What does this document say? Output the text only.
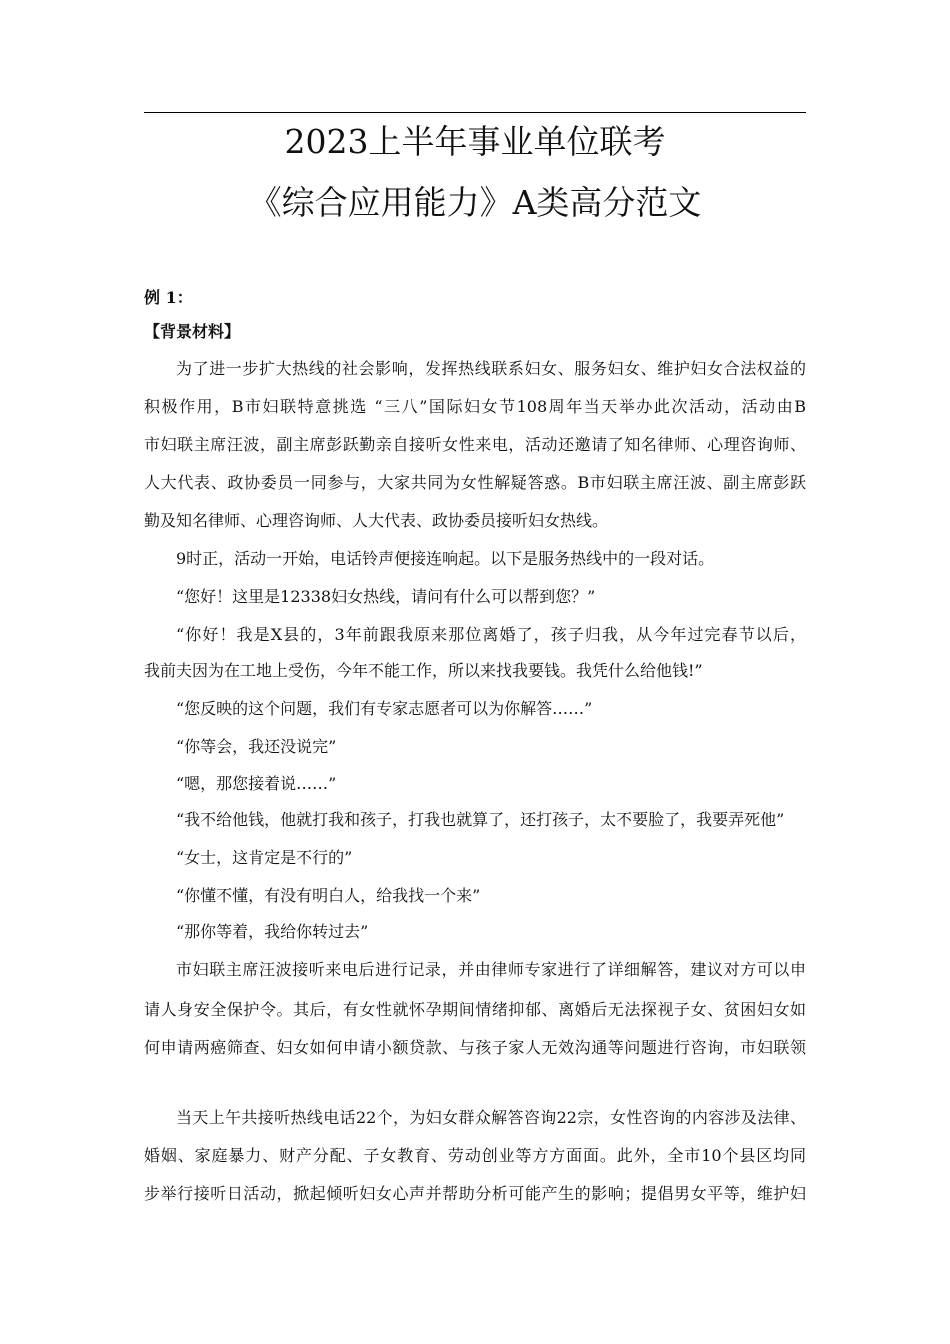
2023上半年事业单位联考
《综合应用能力》A类高分范文
例 1：
【背景材料】
为了进一步扩大热线的社会影响，发挥热线联系妇女、服务妇女、维护妇女合法权益的
积极作用，B市妇联特意挑选 “三八”国际妇女节108周年当天举办此次活动，活动由B
市妇联主席汪波，副主席彭跃勤亲自接听女性来电，活动还邀请了知名律师、心理咨询师、
人大代表、政协委员一同参与，大家共同为女性解疑答惑。B市妇联主席汪波、副主席彭跃
勤及知名律师、心理咨询师、人大代表、政协委员接听妇女热线。
9时正，活动一开始，电话铃声便接连响起。以下是服务热线中的一段对话。
“您好！这里是12338妇女热线，请问有什么可以帮到您？”
“你好！我是X县的，3年前跟我原来那位离婚了，孩子归我，从今年过完春节以后，
我前夫因为在工地上受伤，今年不能工作，所以来找我要钱。我凭什么给他钱!”
“您反映的这个问题，我们有专家志愿者可以为你解答……”
“你等会，我还没说完”
“嗯，那您接着说……”
“我不给他钱，他就打我和孩子，打我也就算了，还打孩子，太不要脸了，我要弄死他”
“女士，这肯定是不行的”
“你懂不懂，有没有明白人，给我找一个来”
“那你等着，我给你转过去”
市妇联主席汪波接听来电后进行记录，并由律师专家进行了详细解答，建议对方可以申
请人身安全保护令。其后，有女性就怀孕期间情绪抑郁、离婚后无法探视子女、贫困妇女如
何申请两癌筛查、妇女如何申请小额贷款、与孩子家人无效沟通等问题进行咨询，市妇联领
当天上午共接听热线电话22个，为妇女群众解答咨询22宗，女性咨询的内容涉及法律、
婚姻、家庭暴力、财产分配、子女教育、劳动创业等方方面面。此外，全市10个县区均同
步举行接听日活动，掀起倾听妇女心声并帮助分析可能产生的影响；提倡男女平等，维护妇
